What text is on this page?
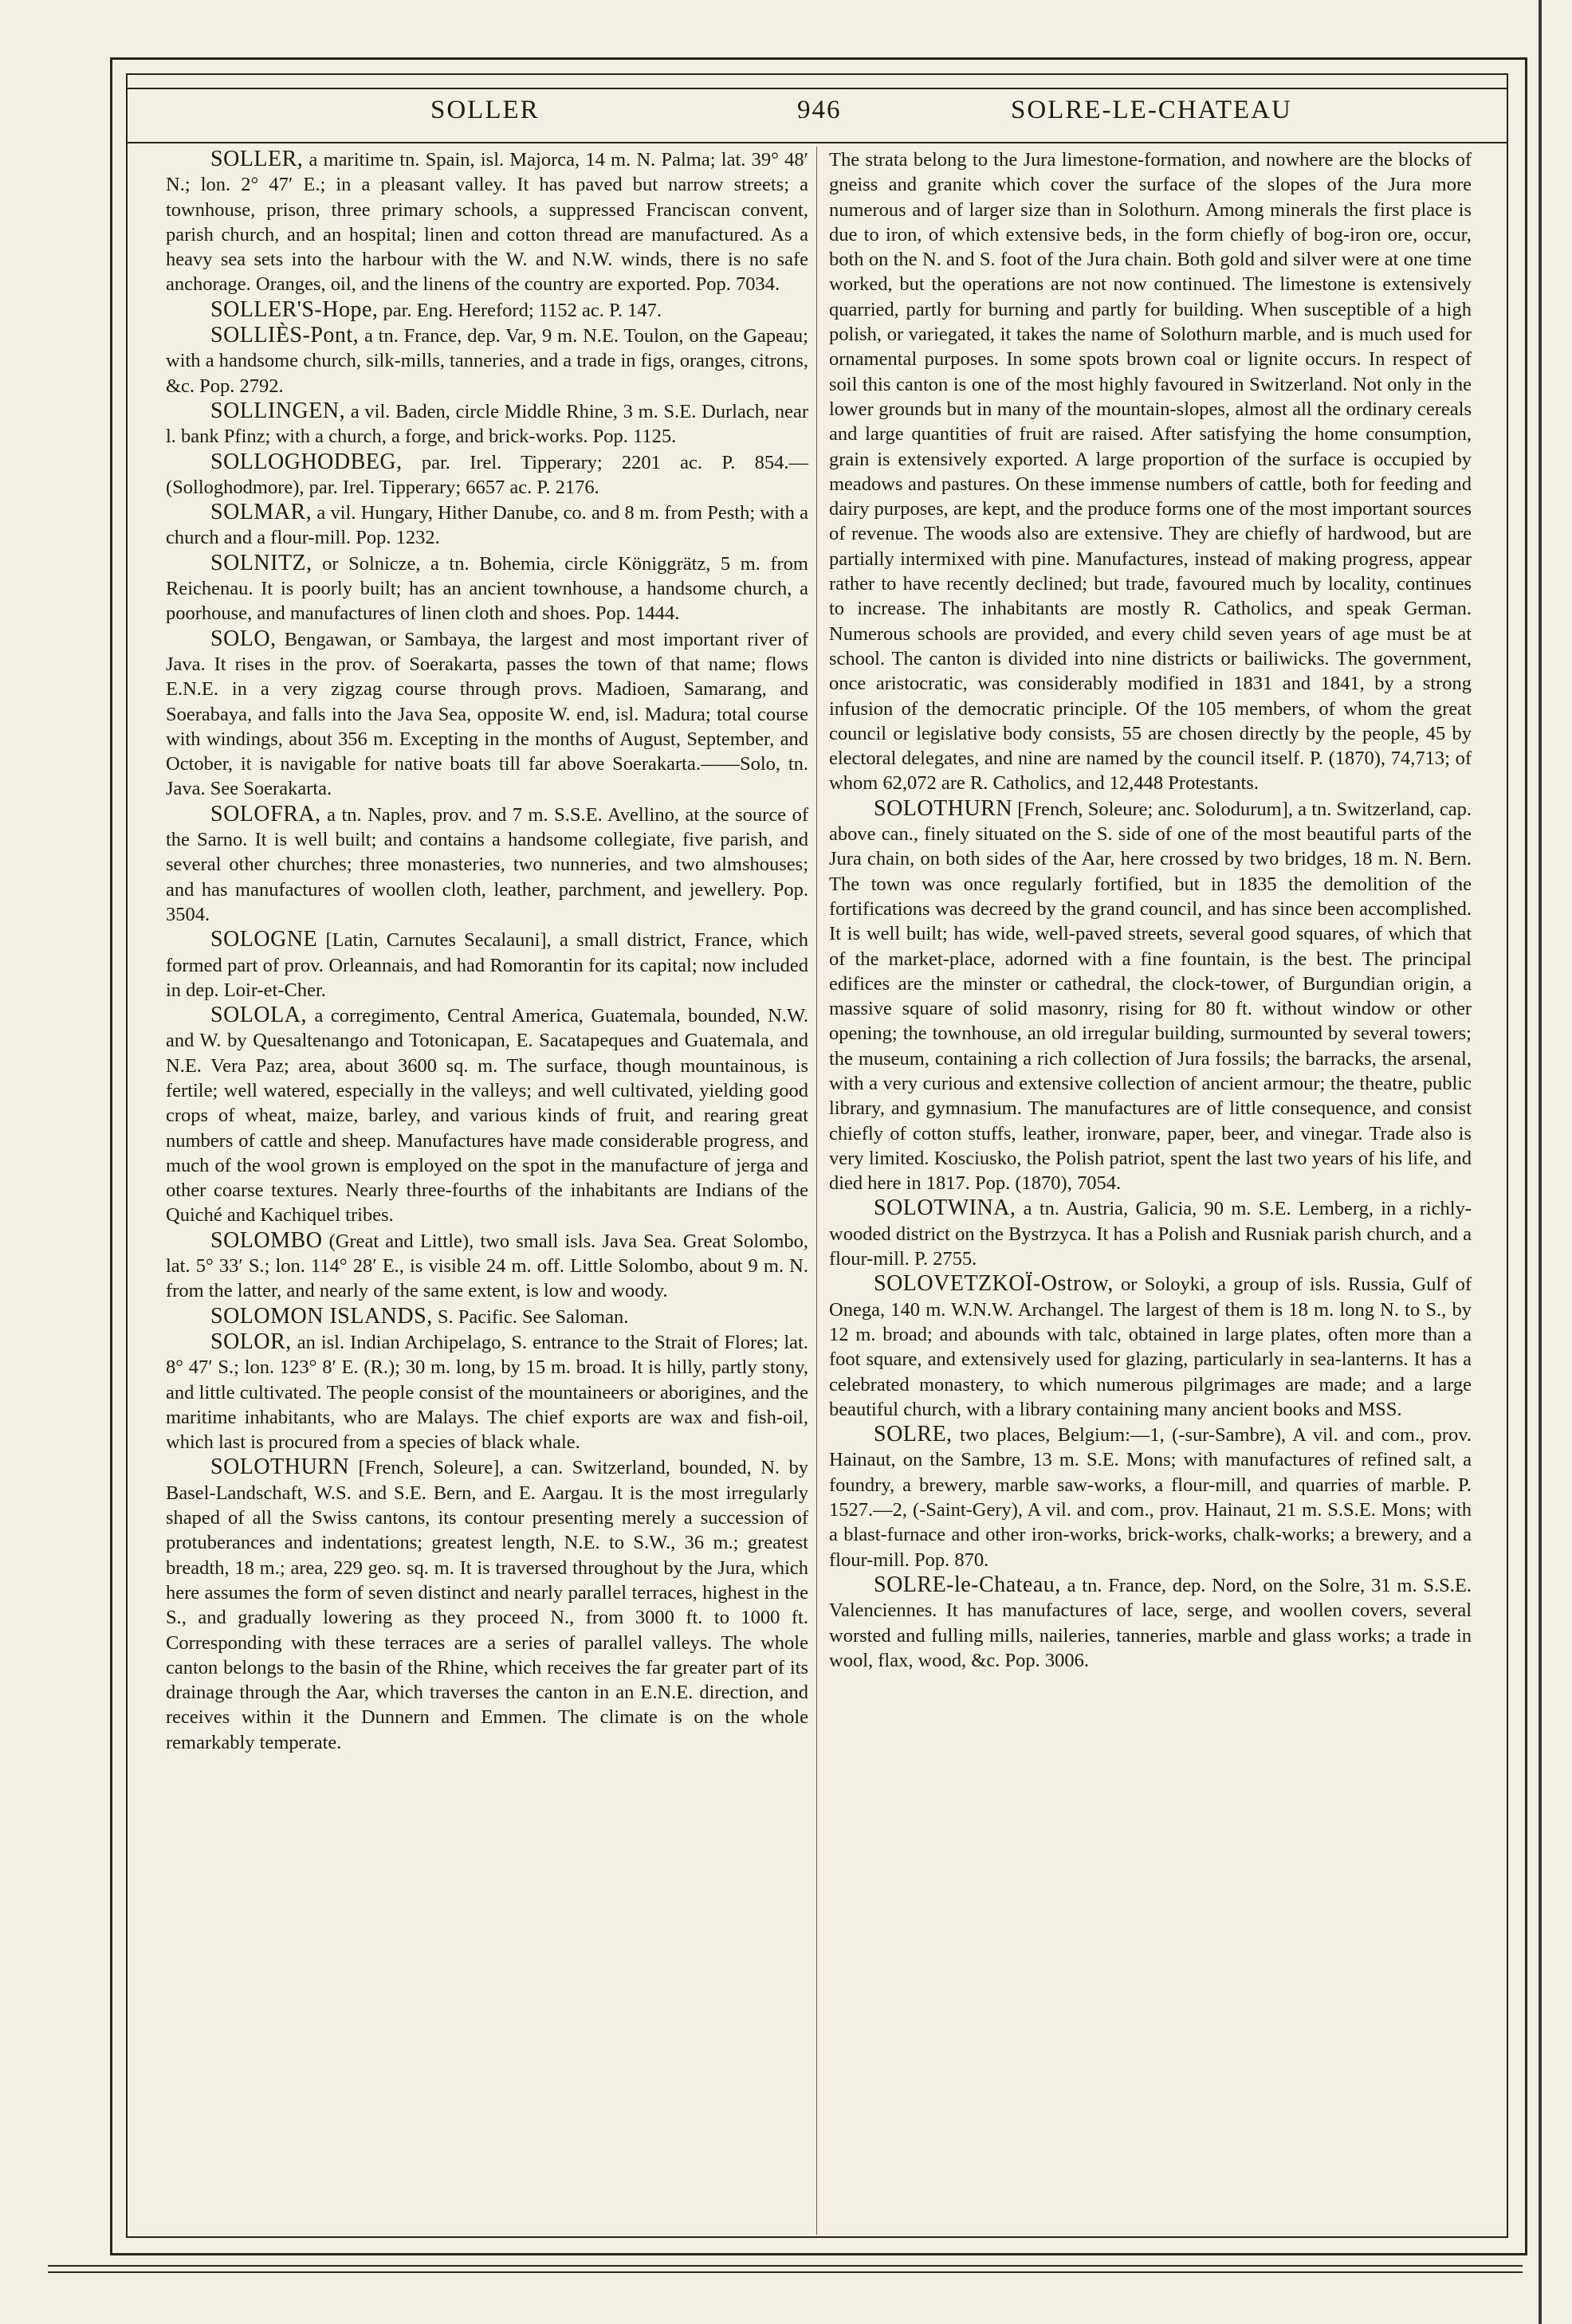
SOLLER	946	SOLRE-LE-CHATEAU

SOLLER, a maritime tn. Spain, isl. Majorca, 14 m. N. Palma; lat. 39° 48′ N.; lon. 2° 47′ E.; in a pleasant valley. It has paved but narrow streets; a townhouse, prison, three primary schools, a suppressed Franciscan convent, parish church, and an hospital; linen and cotton thread are manufactured. As a heavy sea sets into the harbour with the W. and N.W. winds, there is no safe anchorage. Oranges, oil, and the linens of the country are exported. Pop. 7034.

SOLLER'S-Hope, par. Eng. Hereford; 1152 ac. P. 147.

SOLLIÈS-Pont, a tn. France, dep. Var, 9 m. N.E. Toulon, on the Gapeau; with a handsome church, silk-mills, tanneries, and a trade in figs, oranges, citrons, &c. Pop. 2792.

SOLLINGEN, a vil. Baden, circle Middle Rhine, 3 m. S.E. Durlach, near l. bank Pfinz; with a church, a forge, and brick-works. Pop. 1125.

SOLLOGHODBEG, par. Irel. Tipperary; 2201 ac. P. 854.—(Solloghodmore), par. Irel. Tipperary; 6657 ac. P. 2176.

SOLMAR, a vil. Hungary, Hither Danube, co. and 8 m. from Pesth; with a church and a flour-mill. Pop. 1232.

SOLNITZ, or Solnicze, a tn. Bohemia, circle Königgrätz, 5 m. from Reichenau. It is poorly built; has an ancient townhouse, a handsome church, a poorhouse, and manufactures of linen cloth and shoes. Pop. 1444.

SOLO, Bengawan, or Sambaya, the largest and most important river of Java. It rises in the prov. of Soerakarta, passes the town of that name; flows E.N.E. in a very zigzag course through provs. Madioen, Samarang, and Soerabaya, and falls into the Java Sea, opposite W. end, isl. Madura; total course with windings, about 356 m. Excepting in the months of August, September, and October, it is navigable for native boats till far above Soerakarta.——Solo, tn. Java. See Soerakarta.

SOLOFRA, a tn. Naples, prov. and 7 m. S.S.E. Avellino, at the source of the Sarno. It is well built; and contains a handsome collegiate, five parish, and several other churches; three monasteries, two nunneries, and two almshouses; and has manufactures of woollen cloth, leather, parchment, and jewellery. Pop. 3504.

SOLOGNE [Latin, Carnutes Secalauni], a small district, France, which formed part of prov. Orleannais, and had Romorantin for its capital; now included in dep. Loir-et-Cher.

SOLOLA, a corregimento, Central America, Guatemala, bounded, N.W. and W. by Quesaltenango and Totonicapan, E. Sacatapeques and Guatemala, and N.E. Vera Paz; area, about 3600 sq. m. The surface, though mountainous, is fertile; well watered, especially in the valleys; and well cultivated, yielding good crops of wheat, maize, barley, and various kinds of fruit, and rearing great numbers of cattle and sheep. Manufactures have made considerable progress, and much of the wool grown is employed on the spot in the manufacture of jerga and other coarse textures. Nearly three-fourths of the inhabitants are Indians of the Quiché and Kachiquel tribes.

SOLOMBO (Great and Little), two small isls. Java Sea. Great Solombo, lat. 5° 33′ S.; lon. 114° 28′ E., is visible 24 m. off. Little Solombo, about 9 m. N. from the latter, and nearly of the same extent, is low and woody.

SOLOMON ISLANDS, S. Pacific. See Saloman.

SOLOR, an isl. Indian Archipelago, S. entrance to the Strait of Flores; lat. 8° 47′ S.; lon. 123° 8′ E. (R.); 30 m. long, by 15 m. broad. It is hilly, partly stony, and little cultivated. The people consist of the mountaineers or aborigines, and the maritime inhabitants, who are Malays. The chief exports are wax and fish-oil, which last is procured from a species of black whale.

SOLOTHURN [French, Soleure], a can. Switzerland, bounded, N. by Basel-Landschaft, W.S. and S.E. Bern, and E. Aargau. It is the most irregularly shaped of all the Swiss cantons, its contour presenting merely a succession of protuberances and indentations; greatest length, N.E. to S.W., 36 m.; greatest breadth, 18 m.; area, 229 geo. sq. m. It is traversed throughout by the Jura, which here assumes the form of seven distinct and nearly parallel terraces, highest in the S., and gradually lowering as they proceed N., from 3000 ft. to 1000 ft. Corresponding with these terraces are a series of parallel valleys. The whole canton belongs to the basin of the Rhine, which receives the far greater part of its drainage through the Aar, which traverses the canton in an E.N.E. direction, and receives within it the Dunnern and Emmen. The climate is on the whole remarkably temperate.

The strata belong to the Jura limestone-formation, and nowhere are the blocks of gneiss and granite which cover the surface of the slopes of the Jura more numerous and of larger size than in Solothurn. Among minerals the first place is due to iron, of which extensive beds, in the form chiefly of bog-iron ore, occur, both on the N. and S. foot of the Jura chain. Both gold and silver were at one time worked, but the operations are not now continued. The limestone is extensively quarried, partly for burning and partly for building. When susceptible of a high polish, or variegated, it takes the name of Solothurn marble, and is much used for ornamental purposes. In some spots brown coal or lignite occurs. In respect of soil this canton is one of the most highly favoured in Switzerland. Not only in the lower grounds but in many of the mountain-slopes, almost all the ordinary cereals and large quantities of fruit are raised. After satisfying the home consumption, grain is extensively exported. A large proportion of the surface is occupied by meadows and pastures. On these immense numbers of cattle, both for feeding and dairy purposes, are kept, and the produce forms one of the most important sources of revenue. The woods also are extensive. They are chiefly of hardwood, but are partially intermixed with pine. Manufactures, instead of making progress, appear rather to have recently declined; but trade, favoured much by locality, continues to increase. The inhabitants are mostly R. Catholics, and speak German. Numerous schools are provided, and every child seven years of age must be at school. The canton is divided into nine districts or bailiwicks. The government, once aristocratic, was considerably modified in 1831 and 1841, by a strong infusion of the democratic principle. Of the 105 members, of whom the great council or legislative body consists, 55 are chosen directly by the people, 45 by electoral delegates, and nine are named by the council itself. P. (1870), 74,713; of whom 62,072 are R. Catholics, and 12,448 Protestants.

SOLOTHURN [French, Soleure; anc. Solodurum], a tn. Switzerland, cap. above can., finely situated on the S. side of one of the most beautiful parts of the Jura chain, on both sides of the Aar, here crossed by two bridges, 18 m. N. Bern. The town was once regularly fortified, but in 1835 the demolition of the fortifications was decreed by the grand council, and has since been accomplished. It is well built; has wide, well-paved streets, several good squares, of which that of the market-place, adorned with a fine fountain, is the best. The principal edifices are the minster or cathedral, the clock-tower, of Burgundian origin, a massive square of solid masonry, rising for 80 ft. without window or other opening; the townhouse, an old irregular building, surmounted by several towers; the museum, containing a rich collection of Jura fossils; the barracks, the arsenal, with a very curious and extensive collection of ancient armour; the theatre, public library, and gymnasium. The manufactures are of little consequence, and consist chiefly of cotton stuffs, leather, ironware, paper, beer, and vinegar. Trade also is very limited. Kosciusko, the Polish patriot, spent the last two years of his life, and died here in 1817. Pop. (1870), 7054.

SOLOTWINA, a tn. Austria, Galicia, 90 m. S.E. Lemberg, in a richly-wooded district on the Bystrzyca. It has a Polish and Rusniak parish church, and a flour-mill. P. 2755.

SOLOVETZKOÏ-Ostrow, or Soloyki, a group of isls. Russia, Gulf of Onega, 140 m. W.N.W. Archangel. The largest of them is 18 m. long N. to S., by 12 m. broad; and abounds with talc, obtained in large plates, often more than a foot square, and extensively used for glazing, particularly in sea-lanterns. It has a celebrated monastery, to which numerous pilgrimages are made; and a large beautiful church, with a library containing many ancient books and MSS.

SOLRE, two places, Belgium:—1, (-sur-Sambre), A vil. and com., prov. Hainaut, on the Sambre, 13 m. S.E. Mons; with manufactures of refined salt, a foundry, a brewery, marble saw-works, a flour-mill, and quarries of marble. P. 1527.—2, (-Saint-Gery), A vil. and com., prov. Hainaut, 21 m. S.S.E. Mons; with a blast-furnace and other iron-works, brick-works, chalk-works; a brewery, and a flour-mill. Pop. 870.

SOLRE-le-Chateau, a tn. France, dep. Nord, on the Solre, 31 m. S.S.E. Valenciennes. It has manufactures of lace, serge, and woollen covers, several worsted and fulling mills, naileries, tanneries, marble and glass works; a trade in wool, flax, wood, &c. Pop. 3006.
